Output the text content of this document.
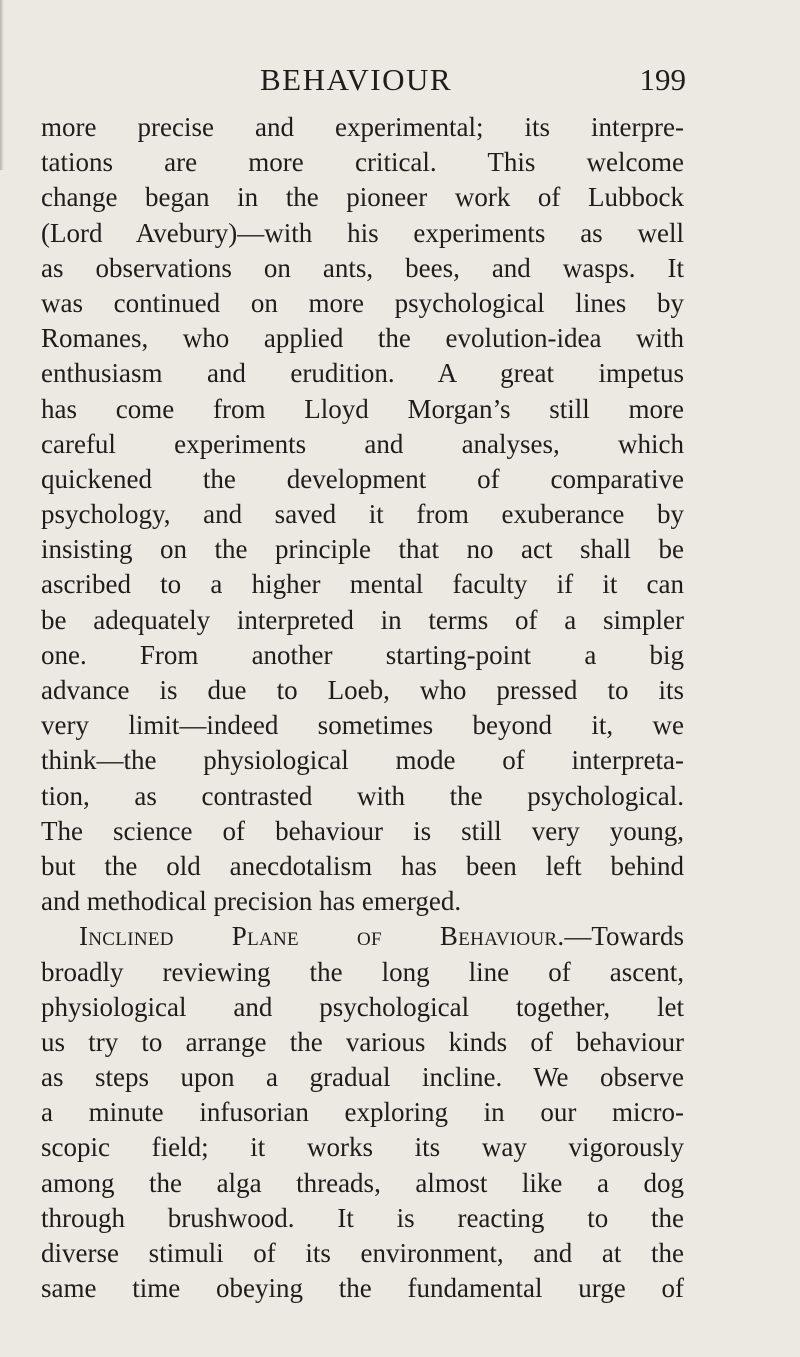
BEHAVIOUR	199
more precise and experimental; its interpre-
tations are more critical. This welcome
change began in the pioneer work of Lubbock
(Lord Avebury)—with his experiments as well
as observations on ants, bees, and wasps. It
was continued on more psychological lines by
Romanes, who applied the evolution-idea with
enthusiasm and erudition. A great impetus
has come from Lloyd Morgan’s still more
careful experiments and analyses, which
quickened the development of comparative
psychology, and saved it from exuberance by
insisting on the principle that no act shall be
ascribed to a higher mental faculty if it can
be adequately interpreted in terms of a simpler
one. From another starting-point a big
advance is due to Loeb, who pressed to its
very limit—indeed sometimes beyond it, we
think—the physiological mode of interpreta-
tion, as contrasted with the psychological.
The science of behaviour is still very young,
but the old anecdotalism has been left behind
and methodical precision has emerged.
Inclined Plane of Behaviour.—Towards
broadly reviewing the long line of ascent,
physiological and psychological together, let
us try to arrange the various kinds of behaviour
as steps upon a gradual incline. We observe
a minute infusorian exploring in our micro-
scopic field; it works its way vigorously
among the alga threads, almost like a dog
through brushwood. It is reacting to the
diverse stimuli of its environment, and at the
same time obeying the fundamental urge of
